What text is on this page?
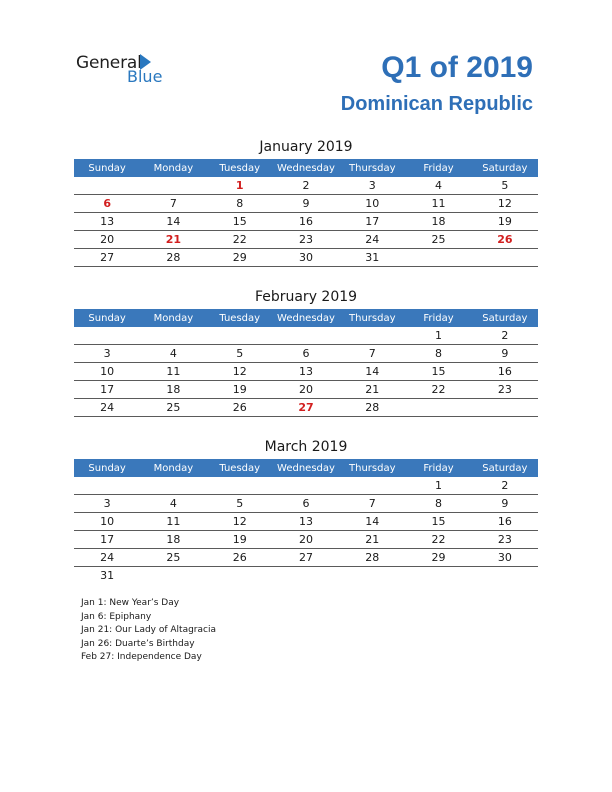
General
Blue	Q1 of 2019
Dominican Republic
January 2019
Sunday	Monday	Tuesday	Wednesday	Thursday	Friday	Saturday
		1	2	3	4	5
6	7	8	9	10	11	12
13	14	15	16	17	18	19
20	21	22	23	24	25	26
27	28	29	30	31		
February 2019
Sunday	Monday	Tuesday	Wednesday	Thursday	Friday	Saturday
					1	2
3	4	5	6	7	8	9
10	11	12	13	14	15	16
17	18	19	20	21	22	23
24	25	26	27	28		
March 2019
Sunday	Monday	Tuesday	Wednesday	Thursday	Friday	Saturday
					1	2
3	4	5	6	7	8	9
10	11	12	13	14	15	16
17	18	19	20	21	22	23
24	25	26	27	28	29	30
31						
Jan 1: New Year’s Day
Jan 6: Epiphany
Jan 21: Our Lady of Altagracia
Jan 26: Duarte’s Birthday
Feb 27: Independence Day
